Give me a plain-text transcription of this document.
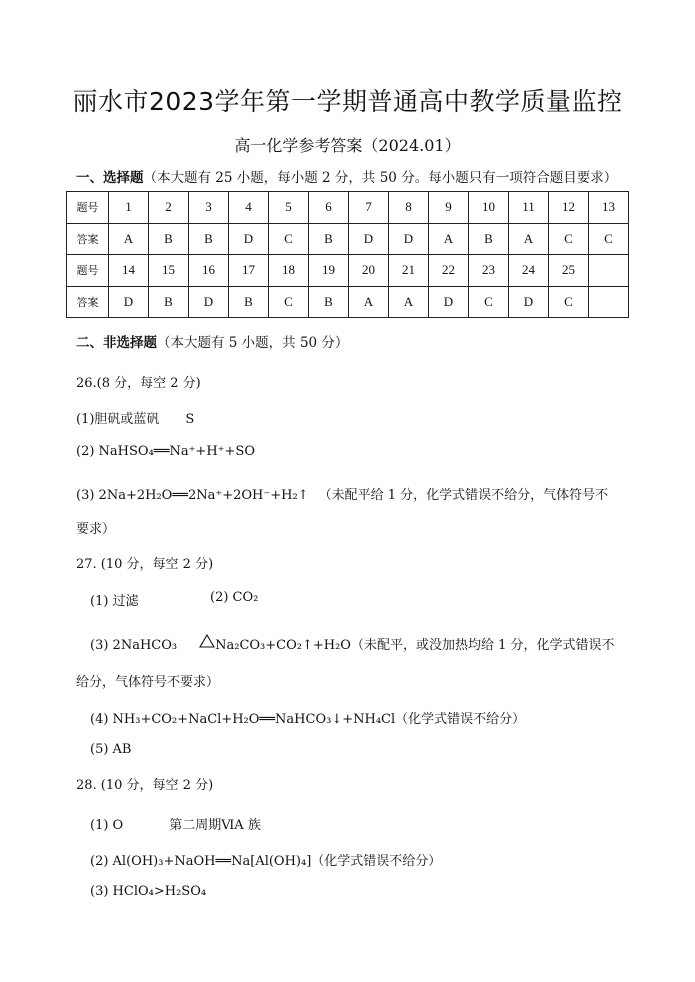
丽水市2023学年第一学期普通高中教学质量监控
高一化学参考答案（2024.01）
一、选择题（本大题有 25 小题，每小题 2 分，共 50 分。每小题只有一项符合题目要求）
题号	1	2	3	4	5	6	7	8	9	10	11	12	13
答案	A	B	B	D	C	B	D	D	A	B	A	C	C
题号	14	15	16	17	18	19	20	21	22	23	24	25	
答案	D	B	D	B	C	B	A	A	D	C	D	C	
二、非选择题（本大题有 5 小题，共 50 分）
26.(8 分，每空 2 分)
(1)胆矾或蓝矾 S
(2) NaHSO₄══Na⁺+H⁺+SO
(3) 2Na+2H₂O══2Na⁺+2OH⁻+H₂↑ （未配平给 1 分，化学式错误不给分，气体符号不
要求）
27. (10 分，每空 2 分)
(1) 过滤	(2) CO₂
(3) 2NaHCO₃	Na₂CO₃+CO₂↑+H₂O（未配平，或没加热均给 1 分，化学式错误不
给分，气体符号不要求）
(4) NH₃+CO₂+NaCl+H₂O══NaHCO₃↓+NH₄Cl（化学式错误不给分）
(5) AB
28. (10 分，每空 2 分)
(1) O	第二周期ⅥA 族
(2) Al(OH)₃+NaOH══Na[Al(OH)₄]（化学式错误不给分）
(3) HClO₄>H₂SO₄
